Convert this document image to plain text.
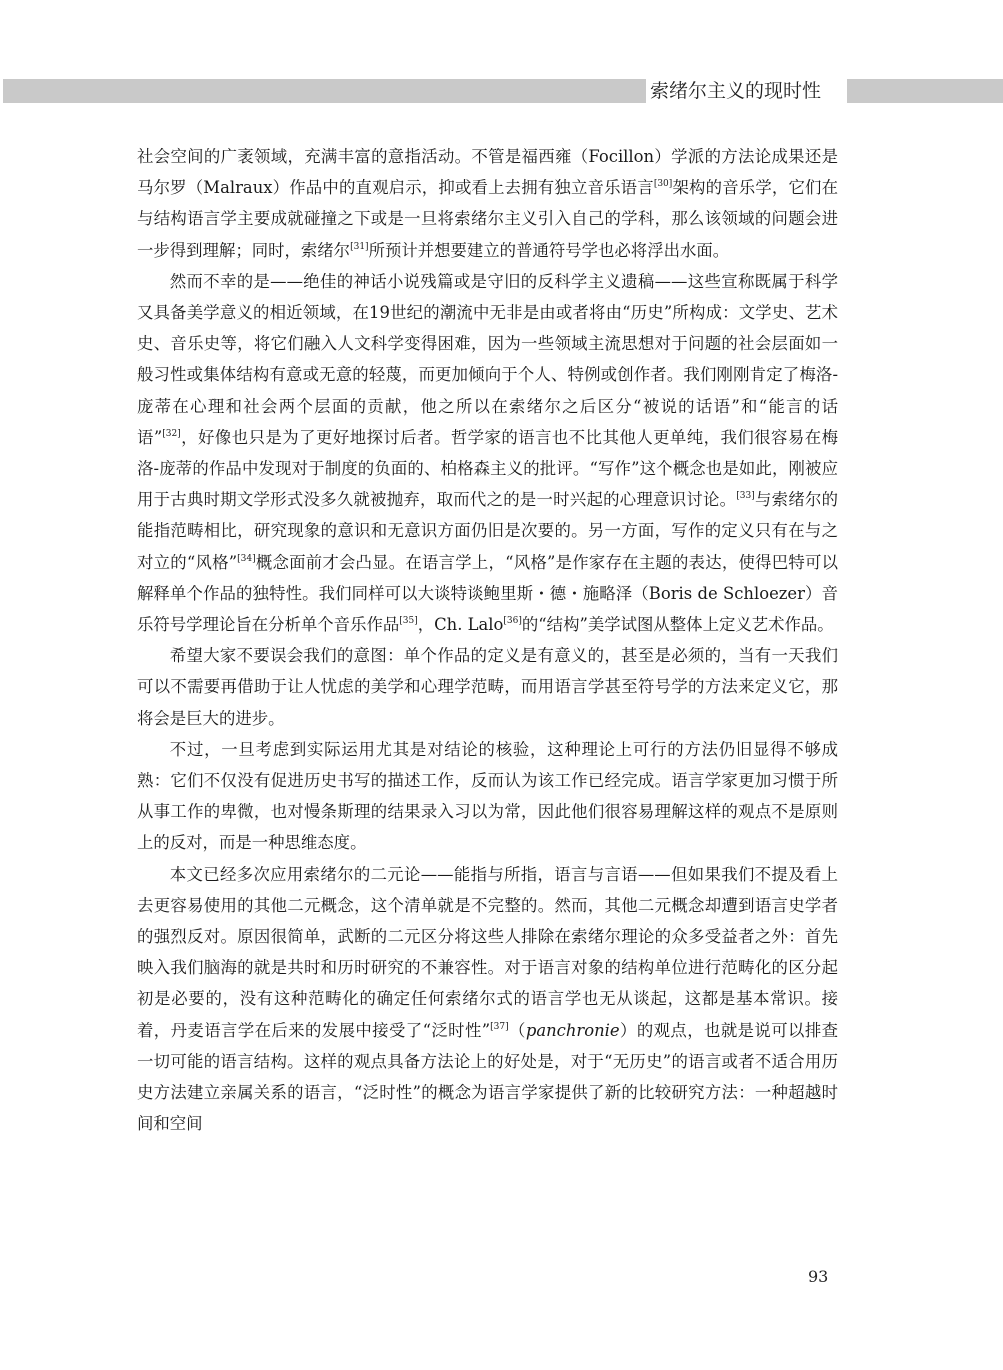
索绪尔主义的现时性

社会空间的广袤领域，充满丰富的意指活动。不管是福西雍（Focillon）学派的方法论成果还是马尔罗（Malraux）作品中的直观启示，抑或看上去拥有独立音乐语言[30]架构的音乐学，它们在与结构语言学主要成就碰撞之下或是一旦将索绪尔主义引入自己的学科，那么该领域的问题会进一步得到理解；同时，索绪尔[31]所预计并想要建立的普通符号学也必将浮出水面。

然而不幸的是——绝佳的神话小说残篇或是守旧的反科学主义遗稿——这些宣称既属于科学又具备美学意义的相近领域，在19世纪的潮流中无非是由或者将由“历史”所构成：文学史、艺术史、音乐史等，将它们融入人文科学变得困难，因为一些领域主流思想对于问题的社会层面如一般习性或集体结构有意或无意的轻蔑，而更加倾向于个人、特例或创作者。我们刚刚肯定了梅洛-庞蒂在心理和社会两个层面的贡献，他之所以在索绪尔之后区分“被说的话语”和“能言的话语”[32]，好像也只是为了更好地探讨后者。哲学家的语言也不比其他人更单纯，我们很容易在梅洛-庞蒂的作品中发现对于制度的负面的、柏格森主义的批评。“写作”这个概念也是如此，刚被应用于古典时期文学形式没多久就被抛弃，取而代之的是一时兴起的心理意识讨论。[33]与索绪尔的能指范畴相比，研究现象的意识和无意识方面仍旧是次要的。另一方面，写作的定义只有在与之对立的“风格”[34]概念面前才会凸显。在语言学上，“风格”是作家存在主题的表达，使得巴特可以解释单个作品的独特性。我们同样可以大谈特谈鲍里斯・德・施略泽（Boris de Schloezer）音乐符号学理论旨在分析单个音乐作品[35]，Ch. Lalo[36]的“结构”美学试图从整体上定义艺术作品。

希望大家不要误会我们的意图：单个作品的定义是有意义的，甚至是必须的，当有一天我们可以不需要再借助于让人忧虑的美学和心理学范畴，而用语言学甚至符号学的方法来定义它，那将会是巨大的进步。

不过，一旦考虑到实际运用尤其是对结论的核验，这种理论上可行的方法仍旧显得不够成熟：它们不仅没有促进历史书写的描述工作，反而认为该工作已经完成。语言学家更加习惯于所从事工作的卑微，也对慢条斯理的结果录入习以为常，因此他们很容易理解这样的观点不是原则上的反对，而是一种思维态度。

本文已经多次应用索绪尔的二元论——能指与所指，语言与言语——但如果我们不提及看上去更容易使用的其他二元概念，这个清单就是不完整的。然而，其他二元概念却遭到语言史学者的强烈反对。原因很简单，武断的二元区分将这些人排除在索绪尔理论的众多受益者之外：首先映入我们脑海的就是共时和历时研究的不兼容性。对于语言对象的结构单位进行范畴化的区分起初是必要的，没有这种范畴化的确定任何索绪尔式的语言学也无从谈起，这都是基本常识。接着，丹麦语言学在后来的发展中接受了“泛时性”[37]（panchronie）的观点，也就是说可以排查一切可能的语言结构。这样的观点具备方法论上的好处是，对于“无历史”的语言或者不适合用历史方法建立亲属关系的语言，“泛时性”的概念为语言学家提供了新的比较研究方法：一种超越时间和空间

93
